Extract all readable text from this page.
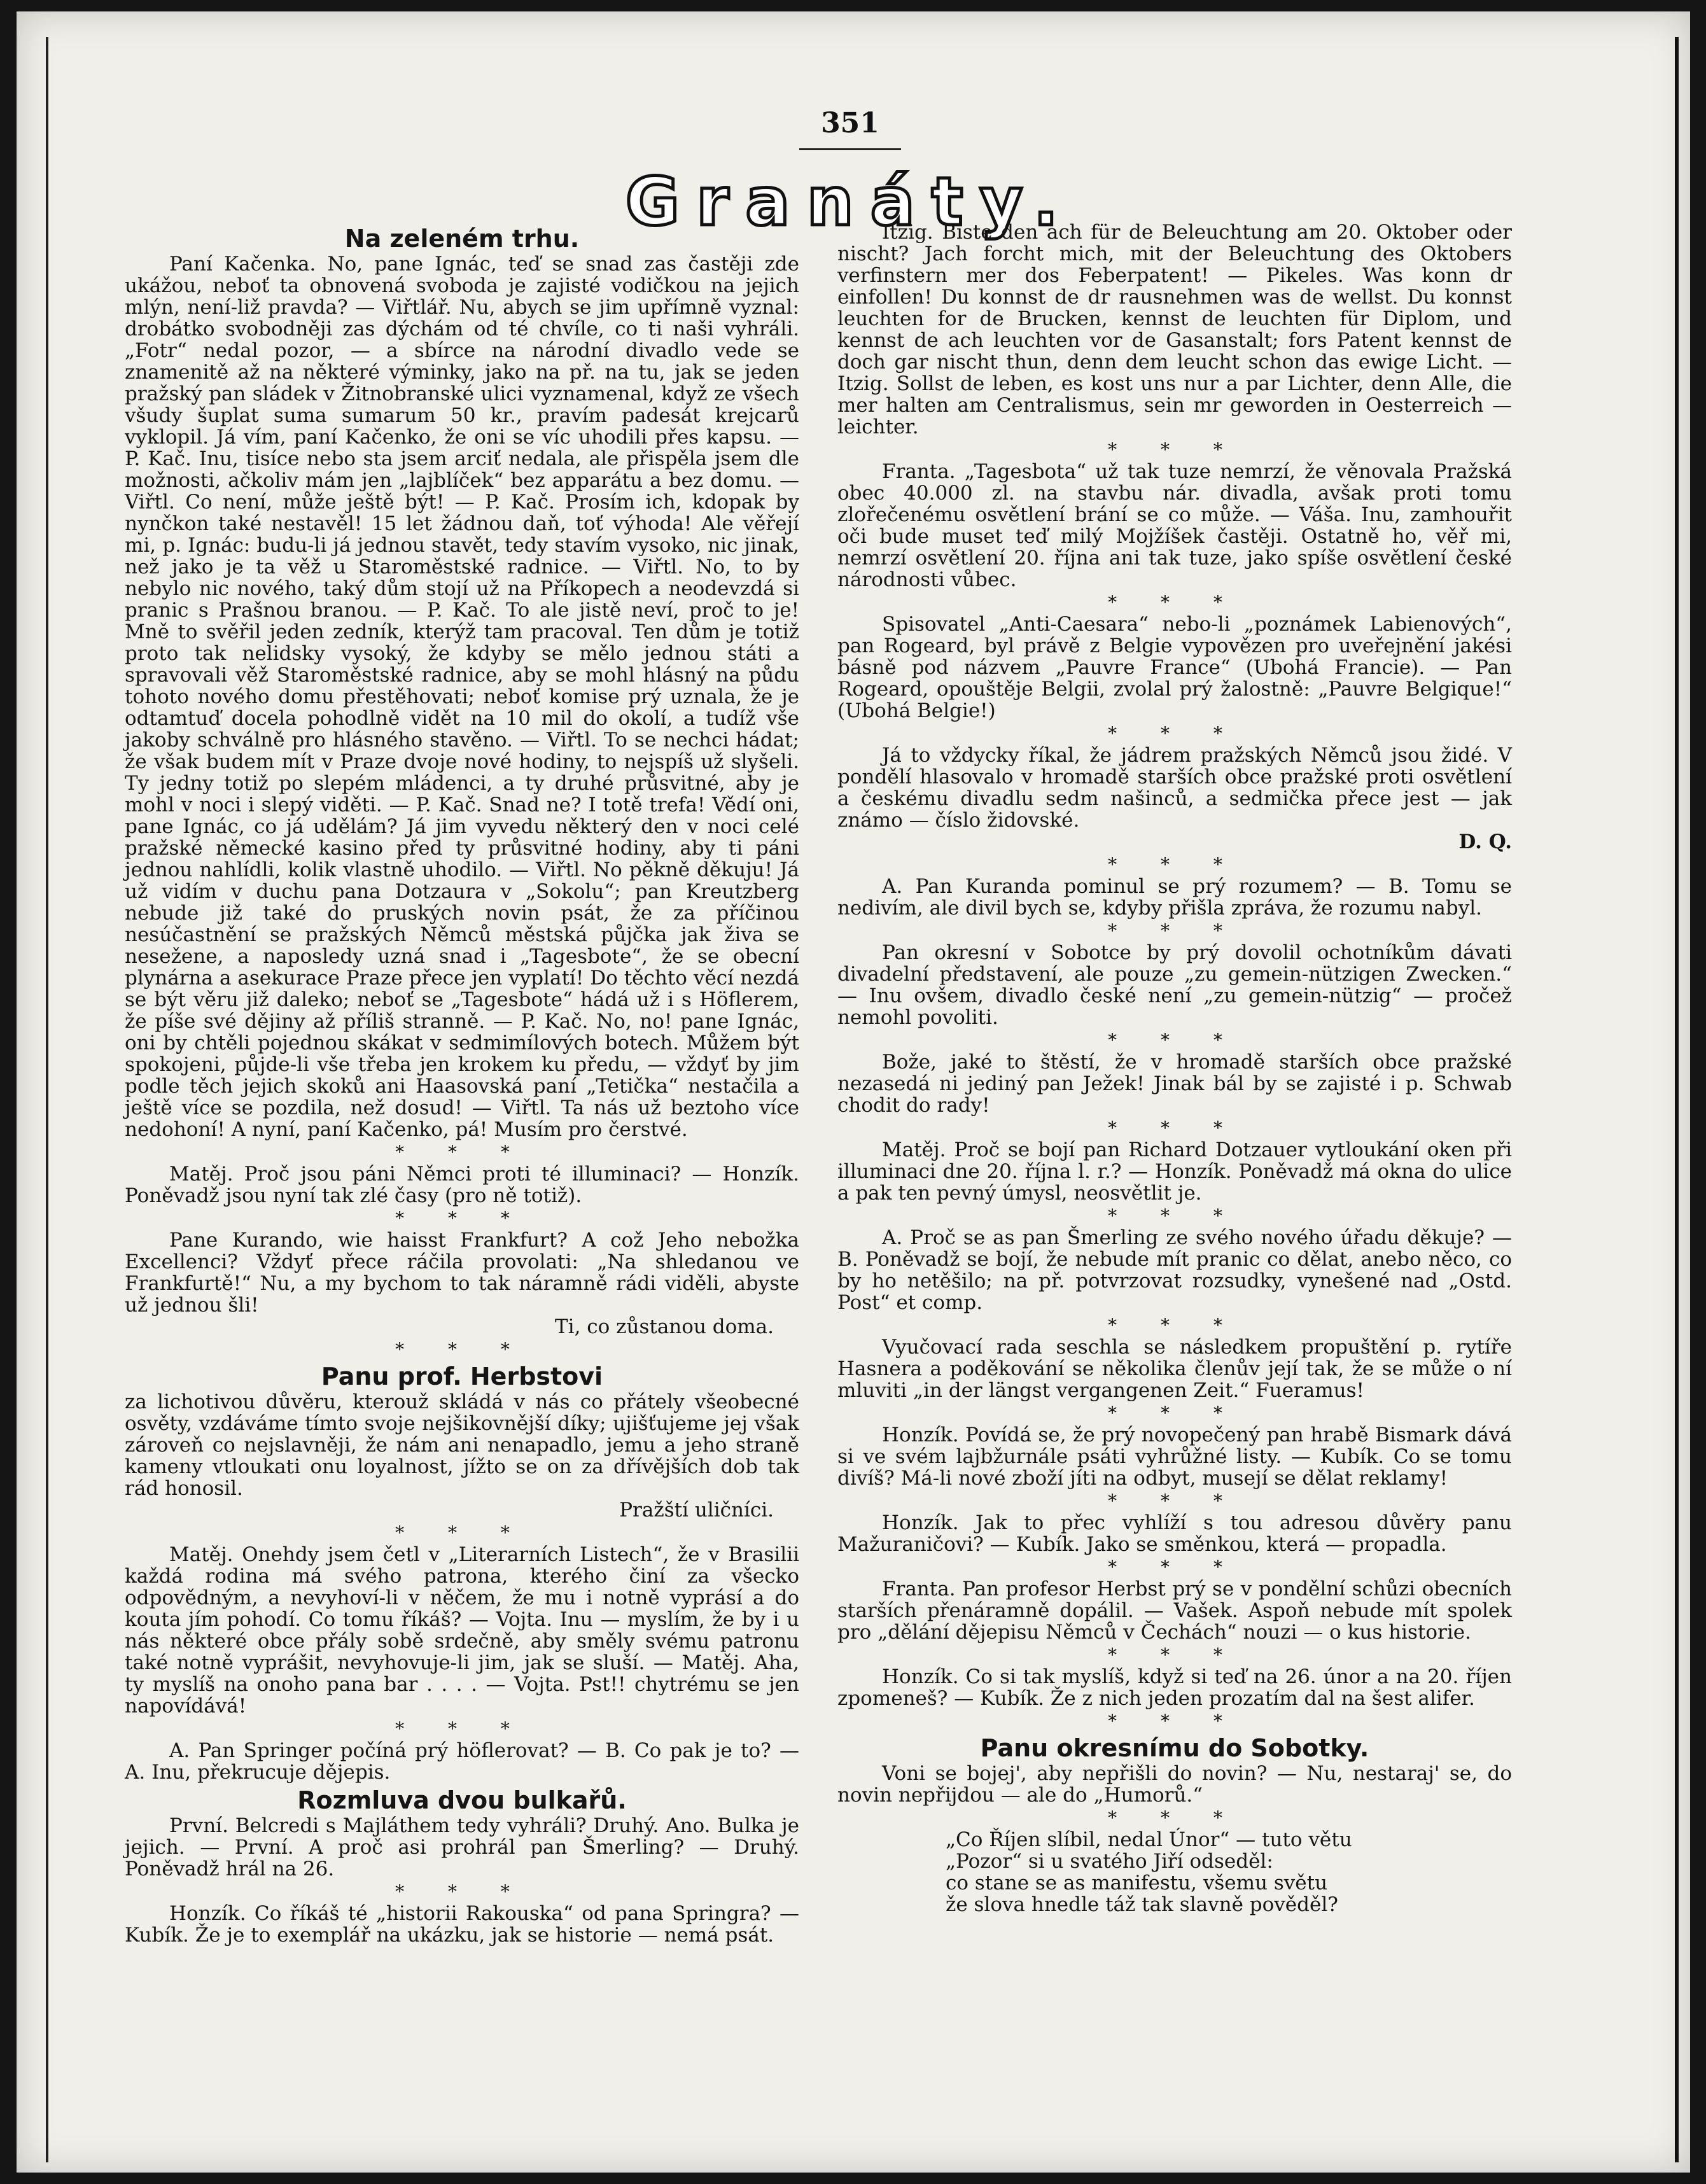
351
Granáty.
Na zeleném trhu.

Paní Kačenka. No, pane Ignác, teď se snad zas častěji zde ukážou, neboť ta obnovená svoboda je zajisté vodičkou na jejich mlýn, není-liž pravda? — Viřtlář. Nu, abych se jim upřímně vyznal: drobátko svobodněji zas dýchám od té chvíle, co ti naši vyhráli. „Fotr“ nedal pozor, — a sbírce na národní divadlo vede se znamenitě až na některé výminky, jako na př. na tu, jak se jeden pražský pan sládek v Žitnobranské ulici vyznamenal, když ze všech všudy šuplat suma sumarum 50 kr., pravím padesát krejcarů vyklopil. Já vím, paní Kačenko, že oni se víc uhodili přes kapsu. — P. Kač. Inu, tisíce nebo sta jsem arciť nedala, ale přispěla jsem dle možnosti, ačkoliv mám jen „lajblíček“ bez apparátu a bez domu. — Viřtl. Co není, může ještě být! — P. Kač. Prosím ich, kdopak by nynčkon také nestavěl! 15 let žádnou daň, toť výhoda! Ale věřejí mi, p. Ignác: budu-li já jednou stavět, tedy stavím vysoko, nic jinak, než jako je ta věž u Staroměstské radnice. — Viřtl. No, to by nebylo nic nového, taký dům stojí už na Příkopech a neodevzdá si pranic s Prašnou branou. — P. Kač. To ale jistě neví, proč to je! Mně to svěřil jeden zedník, kterýž tam pracoval. Ten dům je totiž proto tak nelidsky vysoký, že kdyby se mělo jednou státi a spravovali věž Staroměstské radnice, aby se mohl hlásný na půdu tohoto nového domu přestěhovati; neboť komise prý uznala, že je odtamtuď docela pohodlně vidět na 10 mil do okolí, a tudíž vše jakoby schválně pro hlásného stavěno. — Viřtl. To se nechci hádat; že však budem mít v Praze dvoje nové hodiny, to nejspíš už slyšeli. Ty jedny totiž po slepém mládenci, a ty druhé průsvitné, aby je mohl v noci i slepý viděti. — P. Kač. Snad ne? I totě trefa! Vědí oni, pane Ignác, co já udělám? Já jim vyvedu některý den v noci celé pražské německé kasino před ty průsvitné hodiny, aby ti páni jednou nahlídli, kolik vlastně uhodilo. — Viřtl. No pěkně děkuju! Já už vidím v duchu pana Dotzaura v „Sokolu“; pan Kreutzberg nebude již také do pruských novin psát, že za příčinou nesúčastnění se pražských Němců městská půjčka jak živa se nesežene, a naposledy uzná snad i „Tagesbote“, že se obecní plynárna a asekurace Praze přece jen vyplatí! Do těchto věcí nezdá se být věru již daleko; neboť se „Tagesbote“ hádá už i s Höflerem, že píše své dějiny až příliš stranně. — P. Kač. No, no! pane Ignác, oni by chtěli pojednou skákat v sedmimílových botech. Můžem být spokojeni, půjde-li vše třeba jen krokem ku předu, — vždyť by jim podle těch jejich skoků ani Haasovská paní „Tetička“ nestačila a ještě více se pozdila, než dosud! — Viřtl. Ta nás už beztoho více nedohoní! A nyní, paní Kačenko, pá! Musím pro čerstvé.

* * *

Matěj. Proč jsou páni Němci proti té illuminaci? — Honzík. Poněvadž jsou nyní tak zlé časy (pro ně totiž).

* * *

Pane Kurando, wie haisst Frankfurt? A což Jeho nebožka Excellenci? Vždyť přece ráčila provolati: „Na shledanou ve Frankfurtě!“ Nu, a my bychom to tak náramně rádi viděli, abyste už jednou šli!

Ti, co zůstanou doma.

* * *
Panu prof. Herbstovi

za lichotivou důvěru, kterouž skládá v nás co přátely všeobecné osvěty, vzdáváme tímto svoje nejšikovnější díky; ujišťujeme jej však zároveň co nejslavněji, že nám ani nenapadlo, jemu a jeho straně kameny vtloukati onu loyalnost, jížto se on za dřívějších dob tak rád honosil.

Pražští uličníci.

* * *

Matěj. Onehdy jsem četl v „Literarních Listech“, že v Brasilii každá rodina má svého patrona, kterého činí za všecko odpovědným, a nevyhoví-li v něčem, že mu i notně vyprásí a do kouta jím pohodí. Co tomu říkáš? — Vojta. Inu — myslím, že by i u nás některé obce přály sobě srdečně, aby směly svému patronu také notně vyprášit, nevyhovuje-li jim, jak se sluší. — Matěj. Aha, ty myslíš na onoho pana bar . . . . — Vojta. Pst!! chytrému se jen napovídává!

* * *

A. Pan Springer počíná prý höflerovat? — B. Co pak je to? — A. Inu, překrucuje dějepis.

Rozmluva dvou bulkařů.

První. Belcredi s Majláthem tedy vyhráli? Druhý. Ano. Bulka je jejich. — První. A proč asi prohrál pan Šmerling? — Druhý. Poněvadž hrál na 26.

* * *

Honzík. Co říkáš té „historii Rakouska“ od pana Springra? — Kubík. Že je to exemplář na ukázku, jak se historie — nemá psát.

Itzig. Biste den ach für de Beleuchtung am 20. Oktober oder nischt? Jach forcht mich, mit der Beleuchtung des Oktobers verfinstern mer dos Feberpatent! — Pikeles. Was konn dr einfollen! Du konnst de dr rausnehmen was de wellst. Du konnst leuchten for de Brucken, kennst de leuchten für Diplom, und kennst de ach leuchten vor de Gasanstalt; fors Patent kennst de doch gar nischt thun, denn dem leucht schon das ewige Licht. — Itzig. Sollst de leben, es kost uns nur a par Lichter, denn Alle, die mer halten am Centralismus, sein mr geworden in Oesterreich — leichter.

* * *

Franta. „Tagesbota“ už tak tuze nemrzí, že věnovala Pražská obec 40.000 zl. na stavbu nár. divadla, avšak proti tomu zlořečenému osvětlení brání se co může. — Váša. Inu, zamhouřit oči bude muset teď milý Mojžíšek častěji. Ostatně ho, věř mi, nemrzí osvětlení 20. října ani tak tuze, jako spíše osvětlení české národnosti vůbec.

* * *

Spisovatel „Anti-Caesara“ nebo-li „poznámek Labienových“, pan Rogeard, byl právě z Belgie vypovězen pro uveřejnění jakési básně pod názvem „Pauvre France“ (Ubohá Francie). — Pan Rogeard, opouštěje Belgii, zvolal prý žalostně: „Pauvre Belgique!“ (Ubohá Belgie!)

* * *

Já to vždycky říkal, že jádrem pražských Němců jsou židé. V pondělí hlasovalo v hromadě starších obce pražské proti osvětlení a českému divadlu sedm našinců, a sedmička přece jest — jak známo — číslo židovské.

D. Q.

* * *

A. Pan Kuranda pominul se prý rozumem? — B. Tomu se nedivím, ale divil bych se, kdyby přišla zpráva, že rozumu nabyl.

* * *

Pan okresní v Sobotce by prý dovolil ochotníkům dávati divadelní představení, ale pouze „zu gemein-nützigen Zwecken.“ — Inu ovšem, divadlo české není „zu gemein-nützig“ — pročež nemohl povoliti.

* * *

Bože, jaké to štěstí, že v hromadě starších obce pražské nezasedá ni jediný pan Ježek! Jinak bál by se zajisté i p. Schwab chodit do rady!

* * *

Matěj. Proč se bojí pan Richard Dotzauer vytloukání oken při illuminaci dne 20. října l. r.? — Honzík. Poněvadž má okna do ulice a pak ten pevný úmysl, neosvětlit je.

* * *

A. Proč se as pan Šmerling ze svého nového úřadu děkuje? — B. Poněvadž se bojí, že nebude mít pranic co dělat, anebo něco, co by ho netěšilo; na př. potvrzovat rozsudky, vynešené nad „Ostd. Post“ et comp.

* * *

Vyučovací rada seschla se následkem propuštění p. rytíře Hasnera a poděkování se několika členův její tak, že se může o ní mluviti „in der längst vergangenen Zeit.“ Fueramus!

* * *

Honzík. Povídá se, že prý novopečený pan hrabě Bismark dává si ve svém lajbžurnále psáti vyhrůžné listy. — Kubík. Co se tomu divíš? Má-li nové zboží jíti na odbyt, musejí se dělat reklamy!

* * *

Honzík. Jak to přec vyhlíží s tou adresou důvěry panu Mažuraničovi? — Kubík. Jako se směnkou, která — propadla.

* * *

Franta. Pan profesor Herbst prý se v pondělní schůzi obecních starších přenáramně dopálil. — Vašek. Aspoň nebude mít spolek pro „dělání dějepisu Němců v Čechách“ nouzi — o kus historie.

* * *

Honzík. Co si tak myslíš, když si teď na 26. únor a na 20. říjen zpomeneš? — Kubík. Že z nich jeden prozatím dal na šest alifer.

* * *
Panu okresnímu do Sobotky.

Voni se bojej', aby nepřišli do novin? — Nu, nestaraj' se, do novin nepřijdou — ale do „Humorů.“

* * *

„Co Říjen slíbil, nedal Únor“ — tuto větu

„Pozor“ si u svatého Jiří odseděl:

co stane se as manifestu, všemu světu

že slova hnedle táž tak slavně pověděl?
